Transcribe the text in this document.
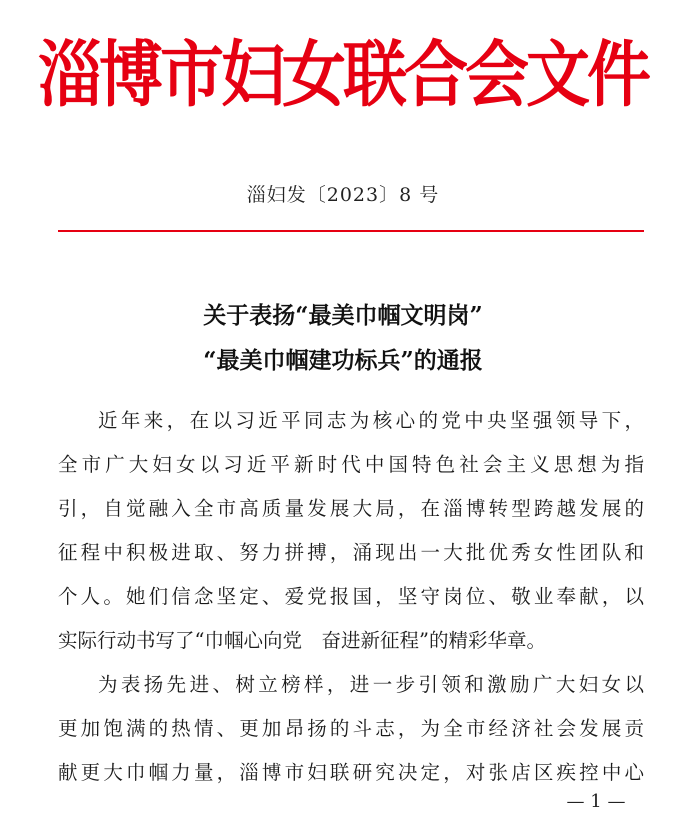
淄博市妇女联合会文件
淄妇发〔2023〕8 号
关于表扬“最美巾帼文明岗”
“最美巾帼建功标兵”的通报
近年来，在以习近平同志为核心的党中央坚强领导下，
全市广大妇女以习近平新时代中国特色社会主义思想为指
引，自觉融入全市高质量发展大局，在淄博转型跨越发展的
征程中积极进取、努力拼搏，涌现出一大批优秀女性团队和
个人。她们信念坚定、爱党报国，坚守岗位、敬业奉献，以
实际行动书写了“巾帼心向党　奋进新征程”的精彩华章。
为表扬先进、树立榜样，进一步引领和激励广大妇女以
更加饱满的热情、更加昂扬的斗志，为全市经济社会发展贡
献更大巾帼力量，淄博市妇联研究决定，对张店区疾控中心
— 1 —
